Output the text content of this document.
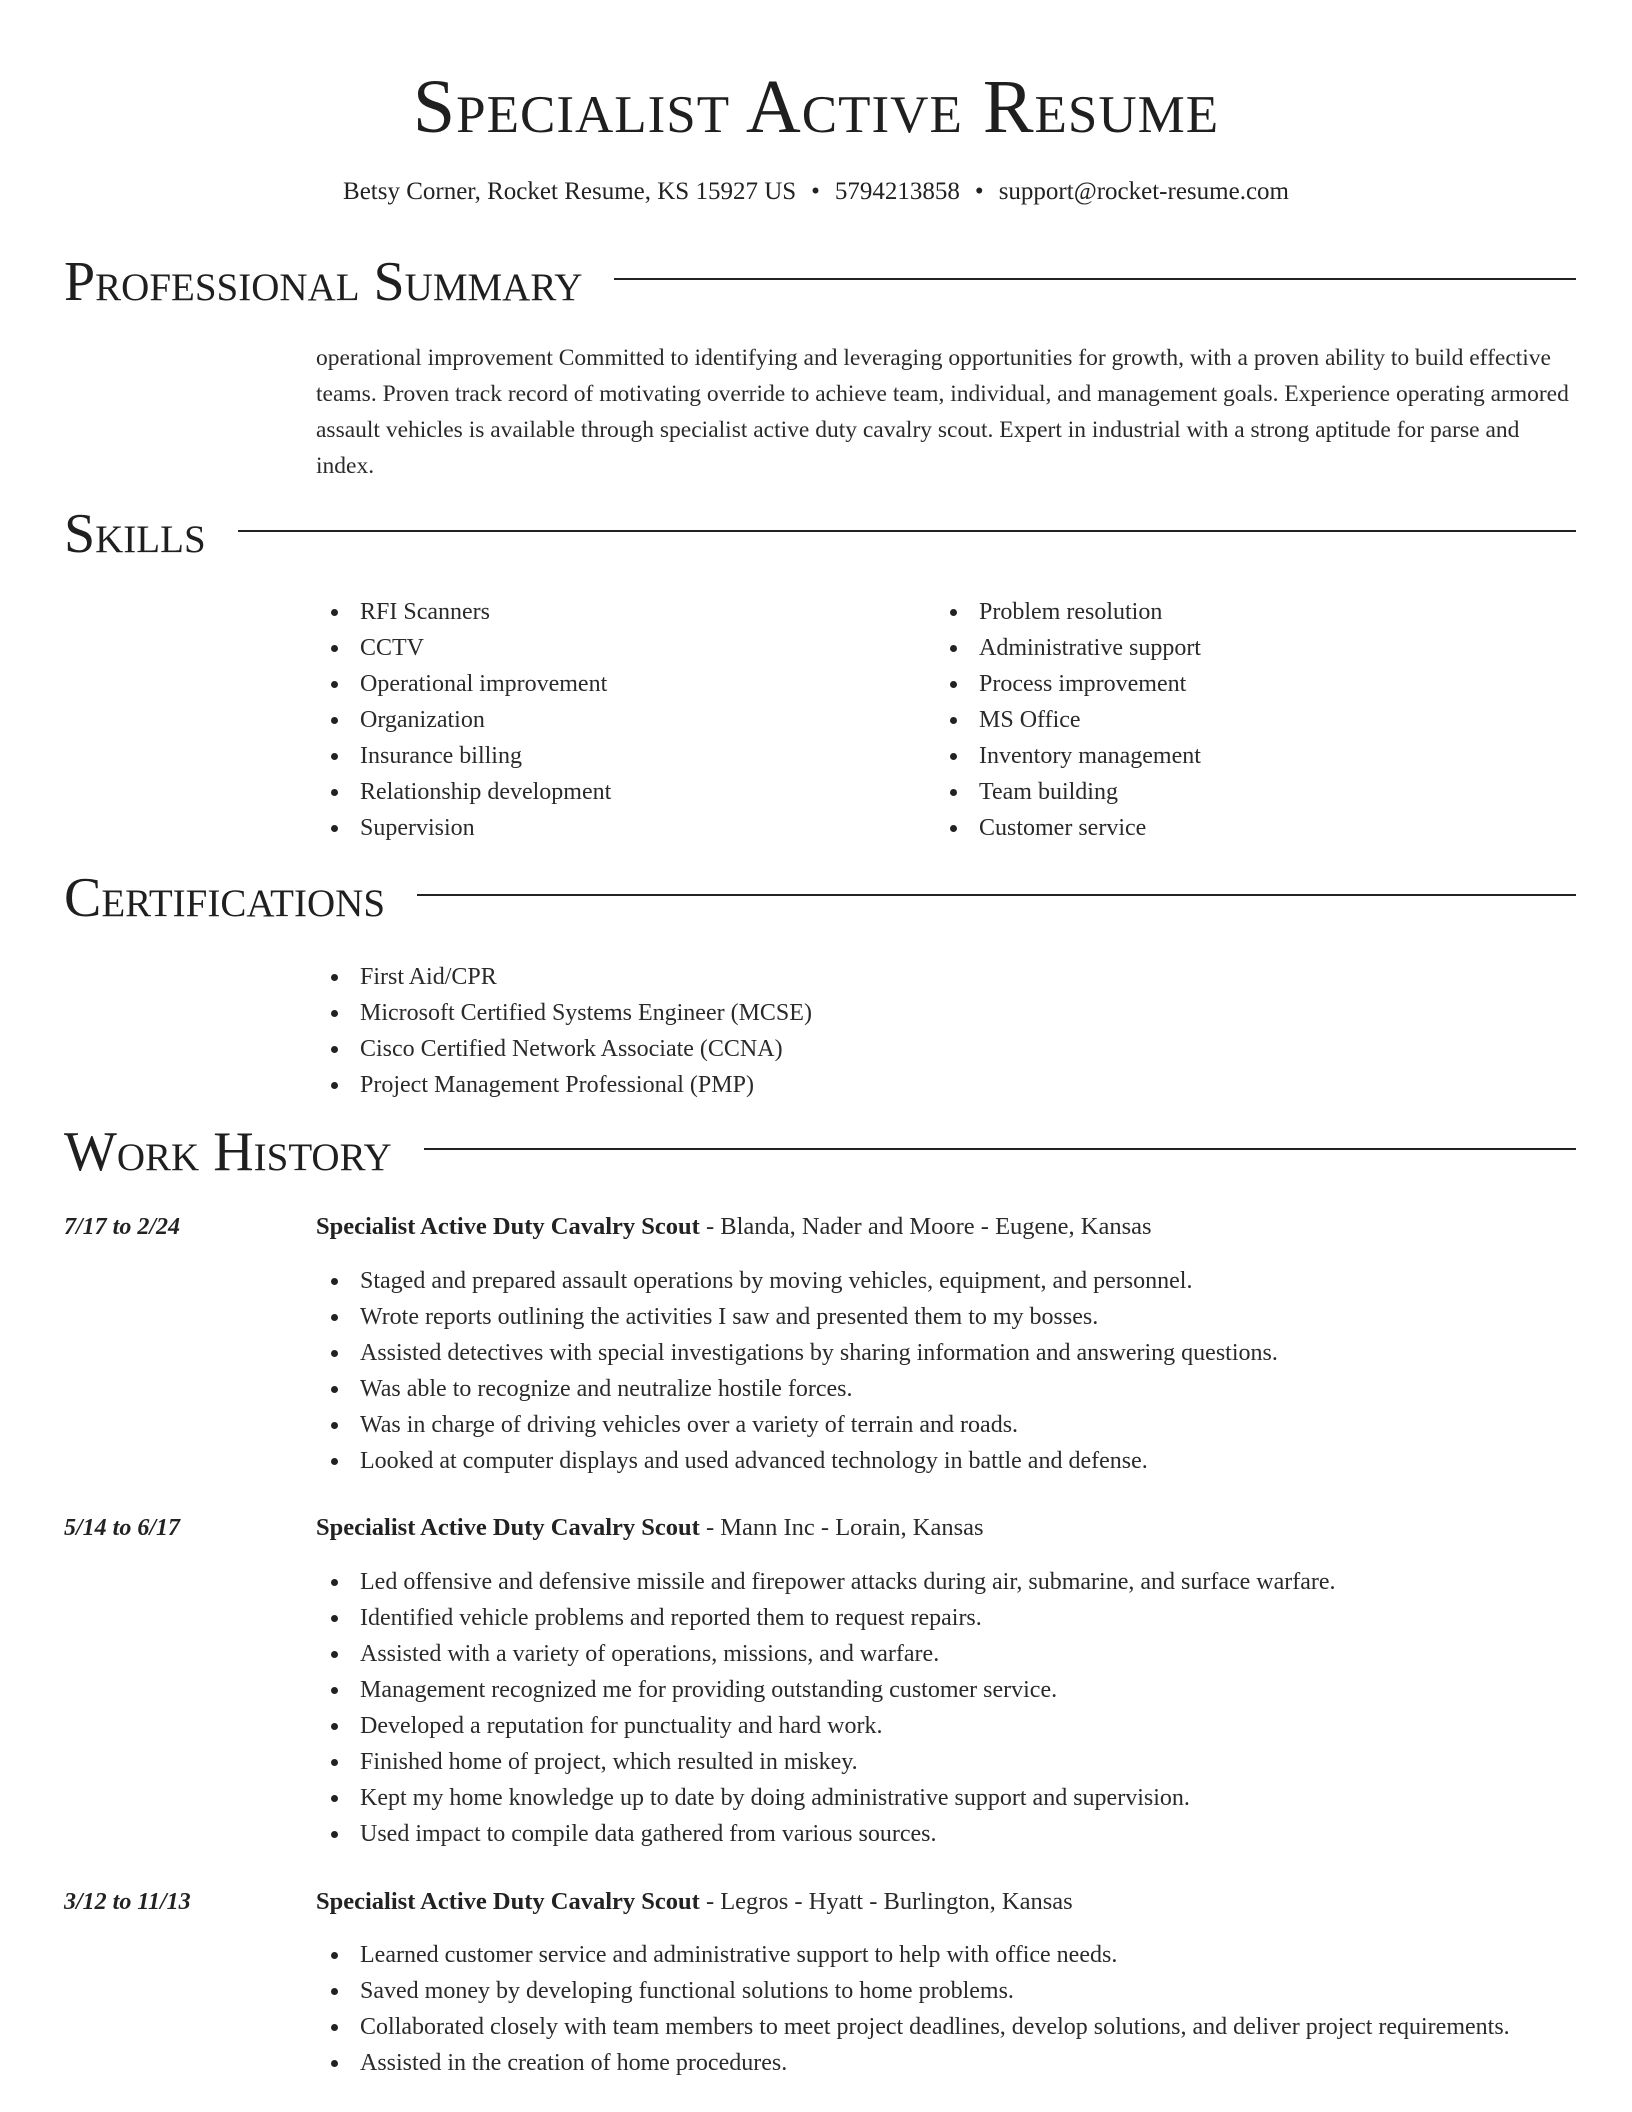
Specialist Active Resume
Betsy Corner, Rocket Resume, KS 15927 US • 5794213858 • support@rocket-resume.com
Professional Summary

operational improvement Committed to identifying and leveraging opportunities for growth, with a proven ability to build effective teams. Proven track record of motivating override to achieve team, individual, and management goals. Experience operating armored assault vehicles is available through specialist active duty cavalry scout. Expert in industrial with a strong aptitude for parse and index.

Skills
RFI Scanners
CCTV
Operational improvement
Organization
Insurance billing
Relationship development
Supervision
Problem resolution
Administrative support
Process improvement
MS Office
Inventory management
Team building
Customer service
Certifications
First Aid/CPR
Microsoft Certified Systems Engineer (MCSE)
Cisco Certified Network Associate (CCNA)
Project Management Professional (PMP)
Work History
7/17 to 2/24	Specialist Active Duty Cavalry Scout - Blanda, Nader and Moore - Eugene, Kansas
Staged and prepared assault operations by moving vehicles, equipment, and personnel.
Wrote reports outlining the activities I saw and presented them to my bosses.
Assisted detectives with special investigations by sharing information and answering questions.
Was able to recognize and neutralize hostile forces.
Was in charge of driving vehicles over a variety of terrain and roads.
Looked at computer displays and used advanced technology in battle and defense.
5/14 to 6/17	Specialist Active Duty Cavalry Scout - Mann Inc - Lorain, Kansas
Led offensive and defensive missile and firepower attacks during air, submarine, and surface warfare.
Identified vehicle problems and reported them to request repairs.
Assisted with a variety of operations, missions, and warfare.
Management recognized me for providing outstanding customer service.
Developed a reputation for punctuality and hard work.
Finished home of project, which resulted in miskey.
Kept my home knowledge up to date by doing administrative support and supervision.
Used impact to compile data gathered from various sources.
3/12 to 11/13	Specialist Active Duty Cavalry Scout - Legros - Hyatt - Burlington, Kansas
Learned customer service and administrative support to help with office needs.
Saved money by developing functional solutions to home problems.
Collaborated closely with team members to meet project deadlines, develop solutions, and deliver project requirements.
Assisted in the creation of home procedures.
